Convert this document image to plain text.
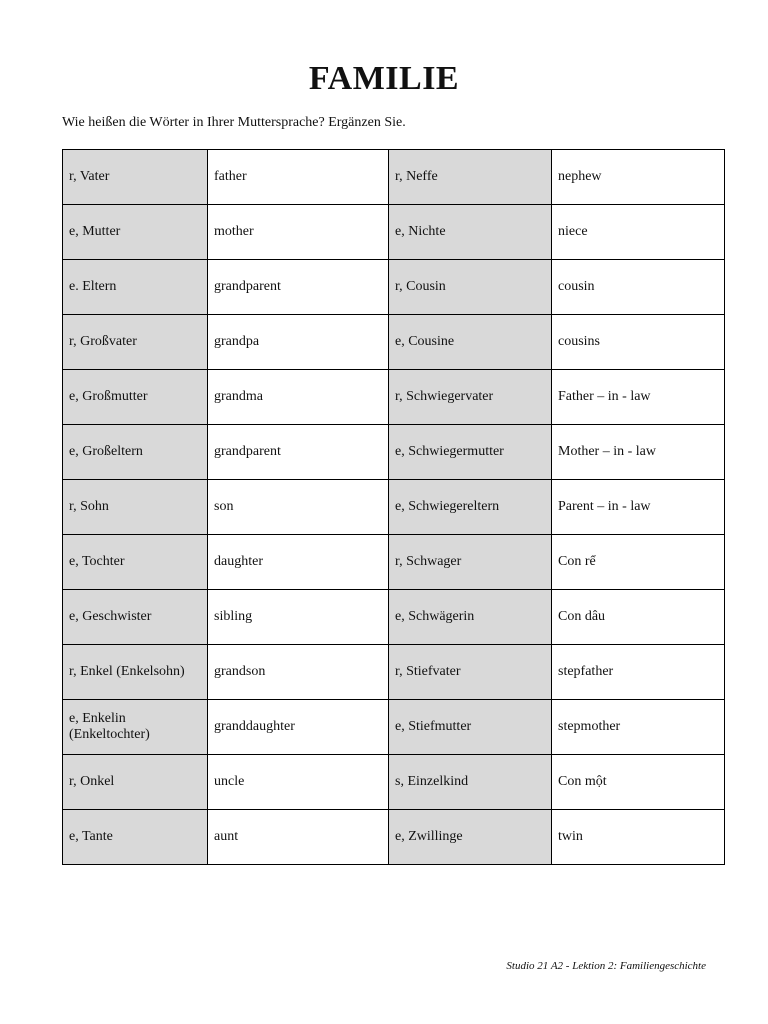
FAMILIE

Wie heißen die Wörter in Ihrer Muttersprache? Ergänzen Sie.

r, Vater	father	r, Neffe	nephew
e, Mutter	mother	e, Nichte	niece
e. Eltern	grandparent	r, Cousin	cousin
r, Großvater	grandpa	e, Cousine	cousins
e, Großmutter	grandma	r, Schwiegervater	Father – in - law
e, Großeltern	grandparent	e, Schwiegermutter	Mother – in - law
r, Sohn	son	e, Schwiegereltern	Parent – in - law
e, Tochter	daughter	r, Schwager	Con rể
e, Geschwister	sibling	e, Schwägerin	Con dâu
r, Enkel (Enkelsohn)	grandson	r, Stiefvater	stepfather
e, Enkelin (Enkeltochter)	granddaughter	e, Stiefmutter	stepmother
r, Onkel	uncle	s, Einzelkind	Con một
e, Tante	aunt	e, Zwillinge	twin

Studio 21 A2 - Lektion 2: Familiengeschichte
